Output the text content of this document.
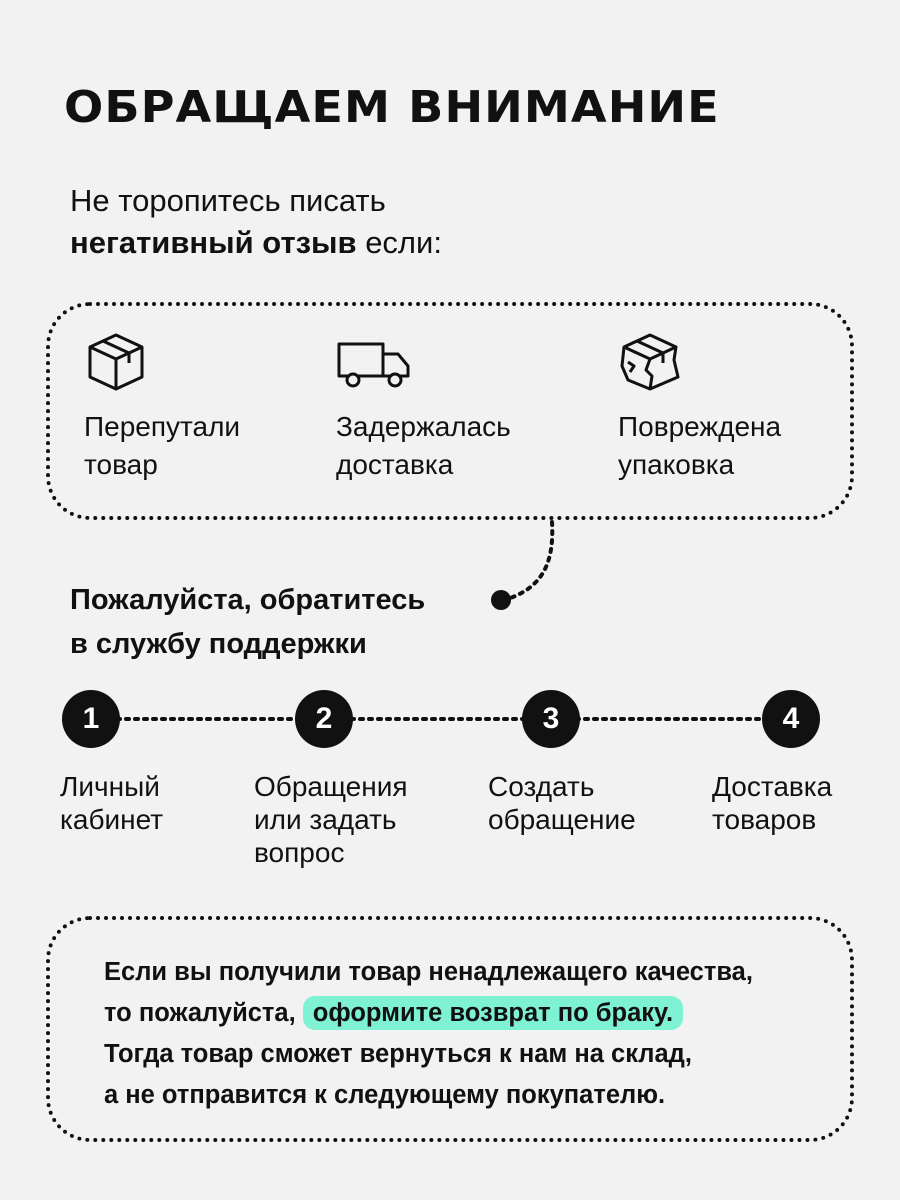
ОБРАЩАЕМ ВНИМАНИЕ
Не торопитесь писать
негативный отзыв если:
Перепутали
товар
Задержалась
доставка
Повреждена
упаковка
Пожалуйста, обратитесь
в службу поддержки
1	2	3	4
Личный
кабинет
Обращения
или задать
вопрос
Создать
обращение
Доставка
товаров
Если вы получили товар ненадлежащего качества,
то пожалуйста, оформите возврат по браку.
Тогда товар сможет вернуться к нам на склад,
а не отправится к следующему покупателю.
